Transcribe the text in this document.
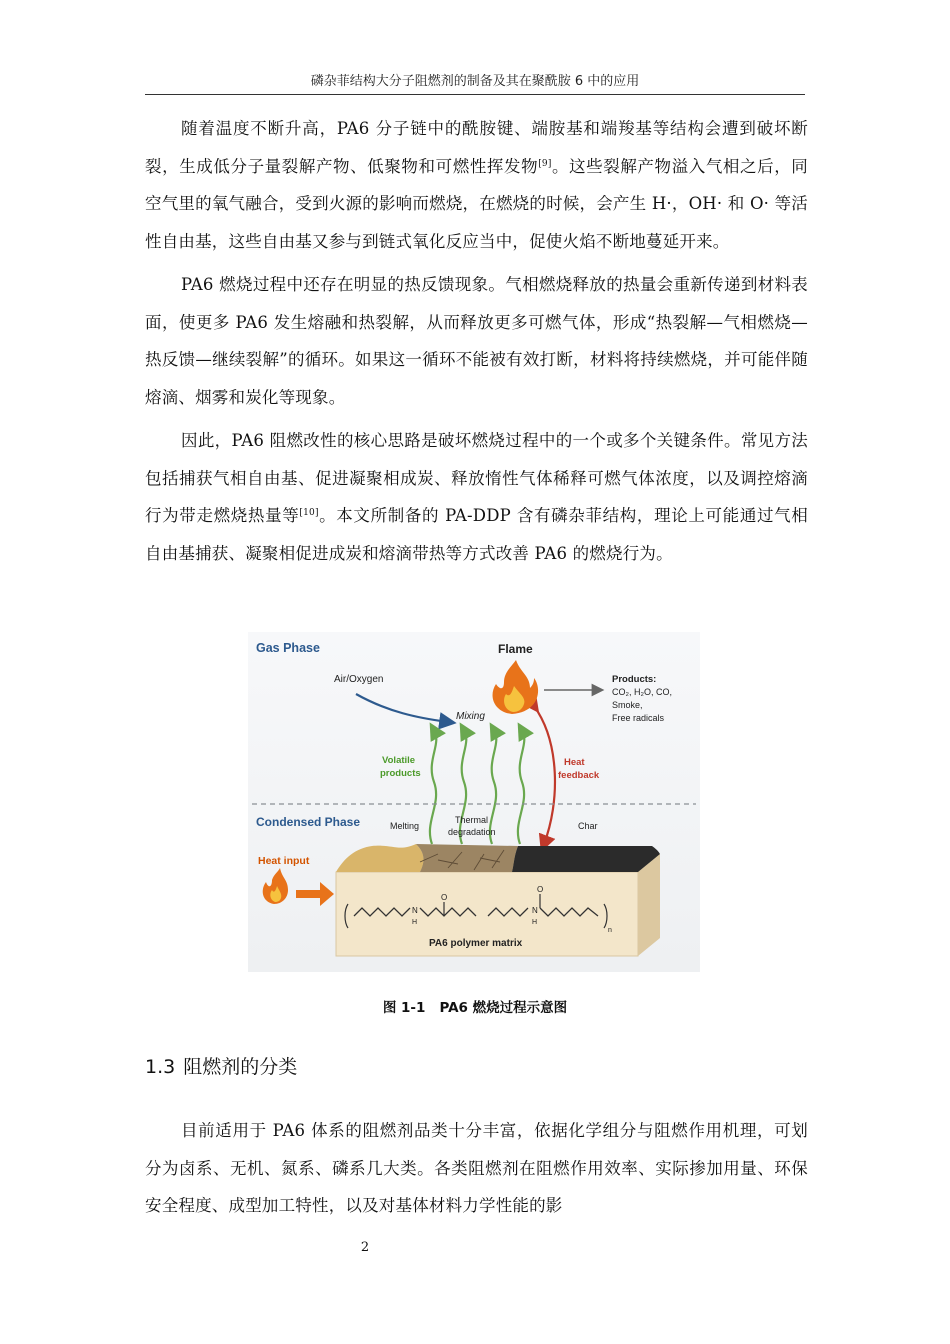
磷杂菲结构大分子阻燃剂的制备及其在聚酰胺 6 中的应用

随着温度不断升高，PA6 分子链中的酰胺键、端胺基和端羧基等结构会遭到破坏断裂，生成低分子量裂解产物、低聚物和可燃性挥发物[9]。这些裂解产物溢入气相之后，同空气里的氧气融合，受到火源的影响而燃烧，在燃烧的时候，会产生 H·，OH· 和 O· 等活性自由基，这些自由基又参与到链式氧化反应当中，促使火焰不断地蔓延开来。

PA6 燃烧过程中还存在明显的热反馈现象。气相燃烧释放的热量会重新传递到材料表面，使更多 PA6 发生熔融和热裂解，从而释放更多可燃气体，形成“热裂解—气相燃烧—热反馈—继续裂解”的循环。如果这一循环不能被有效打断，材料将持续燃烧，并可能伴随熔滴、烟雾和炭化等现象。

因此，PA6 阻燃改性的核心思路是破坏燃烧过程中的一个或多个关键条件。常见方法包括捕获气相自由基、促进凝聚相成炭、释放惰性气体稀释可燃气体浓度，以及调控熔滴行为带走燃烧热量等[10]。本文所制备的 PA-DDP 含有磷杂菲结构，理论上可能通过气相自由基捕获、凝聚相促进成炭和熔滴带热等方式改善 PA6 的燃烧行为。

Gas Phase	Flame
Air/Oxygen
Mixing
Products:
CO₂, H₂O, CO,
Smoke,
Free radicals
Volatile
products
Heat
feedback
Condensed Phase	Melting
Thermal
degradation
Char
Heat input
O
O
N
H
N
H
n
PA6 polymer matrix
图 1-1 PA6 燃烧过程示意图
1.3 阻燃剂的分类

目前适用于 PA6 体系的阻燃剂品类十分丰富，依据化学组分与阻燃作用机理，可划分为卤系、无机、氮系、磷系几大类。各类阻燃剂在阻燃作用效率、实际掺加用量、环保安全程度、成型加工特性，以及对基体材料力学性能的影

2
